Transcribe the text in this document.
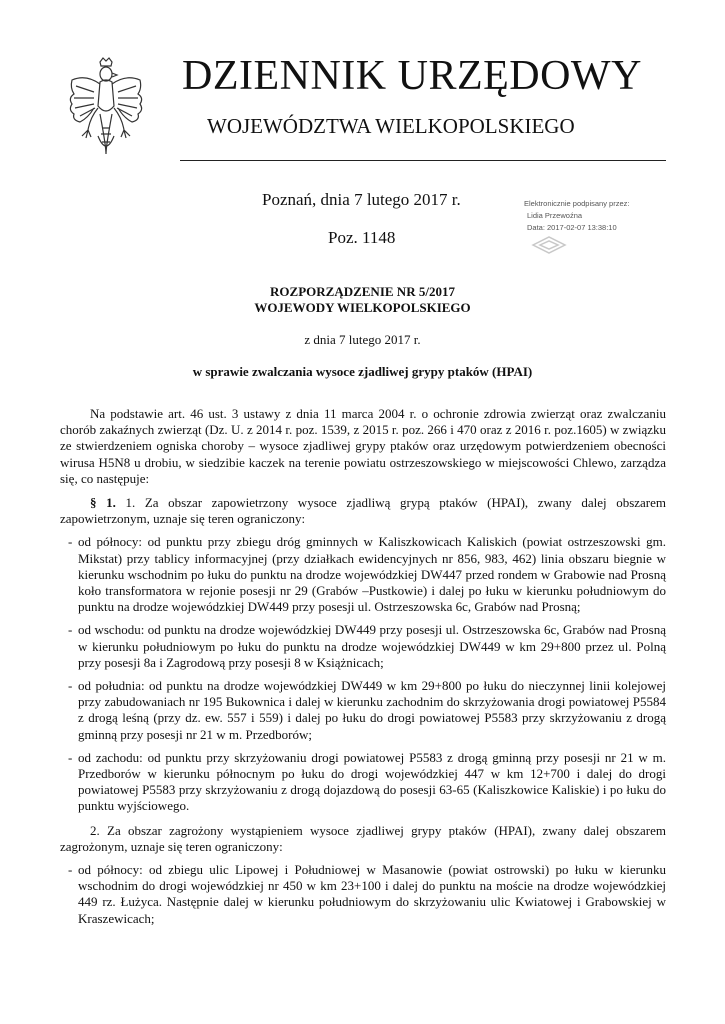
DZIENNIK URZĘDOWY
WOJEWÓDZTWA WIELKOPOLSKIEGO
Poznań, dnia 7 lutego 2017 r.
Poz. 1148
Elektronicznie podpisany przez:
Lidia Przewoźna
Data: 2017-02-07 13:38:10
ROZPORZĄDZENIE NR 5/2017
WOJEWODY WIELKOPOLSKIEGO
z dnia 7 lutego 2017 r.
w sprawie zwalczania wysoce zjadliwej grypy ptaków (HPAI)

Na podstawie art. 46 ust. 3 ustawy z dnia 11 marca 2004 r. o ochronie zdrowia zwierząt oraz zwalczaniu chorób zakaźnych zwierząt (Dz. U. z 2014 r. poz. 1539, z 2015 r. poz. 266 i 470 oraz z 2016 r. poz.1605) w związku ze stwierdzeniem ogniska choroby – wysoce zjadliwej grypy ptaków oraz urzędowym potwierdzeniem obecności wirusa H5N8 u drobiu, w siedzibie kaczek na terenie powiatu ostrzeszowskiego w miejscowości Chlewo, zarządza się, co następuje:

§ 1. 1. Za obszar zapowietrzony wysoce zjadliwą grypą ptaków (HPAI), zwany dalej obszarem zapowietrzonym, uznaje się teren ograniczony:

- od północy: od punktu przy zbiegu dróg gminnych w Kaliszkowicach Kaliskich (powiat ostrzeszowski gm. Mikstat) przy tablicy informacyjnej (przy działkach ewidencyjnych nr 856, 983, 462) linia obszaru biegnie w kierunku wschodnim po łuku do punktu na drodze wojewódzkiej DW447 przed rondem w Grabowie nad Prosną koło transformatora w rejonie posesji nr 29 (Grabów –Pustkowie) i dalej po łuku w kierunku południowym do punktu na drodze wojewódzkiej DW449 przy posesji ul. Ostrzeszowska 6c, Grabów nad Prosną;

- od wschodu: od punktu na drodze wojewódzkiej DW449 przy posesji ul. Ostrzeszowska 6c, Grabów nad Prosną w kierunku południowym po łuku do punktu na drodze wojewódzkiej DW449 w km 29+800 przez ul. Polną przy posesji 8a i Zagrodową przy posesji 8 w Książnicach;

- od południa: od punktu na drodze wojewódzkiej DW449 w km 29+800 po łuku do nieczynnej linii kolejowej przy zabudowaniach nr 195 Bukownica i dalej w kierunku zachodnim do skrzyżowania drogi powiatowej P5584 z drogą leśną (przy dz. ew. 557 i 559) i dalej po łuku do drogi powiatowej P5583 przy skrzyżowaniu z drogą gminną przy posesji nr 21 w m. Przedborów;

- od zachodu: od punktu przy skrzyżowaniu drogi powiatowej P5583 z drogą gminną przy posesji nr 21 w m. Przedborów w kierunku północnym po łuku do drogi wojewódzkiej 447 w km 12+700 i dalej do drogi powiatowej P5583 przy skrzyżowaniu z drogą dojazdową do posesji 63-65 (Kaliszkowice Kaliskie) i po łuku do punktu wyjściowego.

2. Za obszar zagrożony wystąpieniem wysoce zjadliwej grypy ptaków (HPAI), zwany dalej obszarem zagrożonym, uznaje się teren ograniczony:

- od północy: od zbiegu ulic Lipowej i Południowej w Masanowie (powiat ostrowski) po łuku w kierunku wschodnim do drogi wojewódzkiej nr 450 w km 23+100 i dalej do punktu na moście na drodze wojewódzkiej 449 rz. Łużyca. Następnie dalej w kierunku południowym do skrzyżowaniu ulic Kwiatowej i Grabowskiej w Kraszewicach;
